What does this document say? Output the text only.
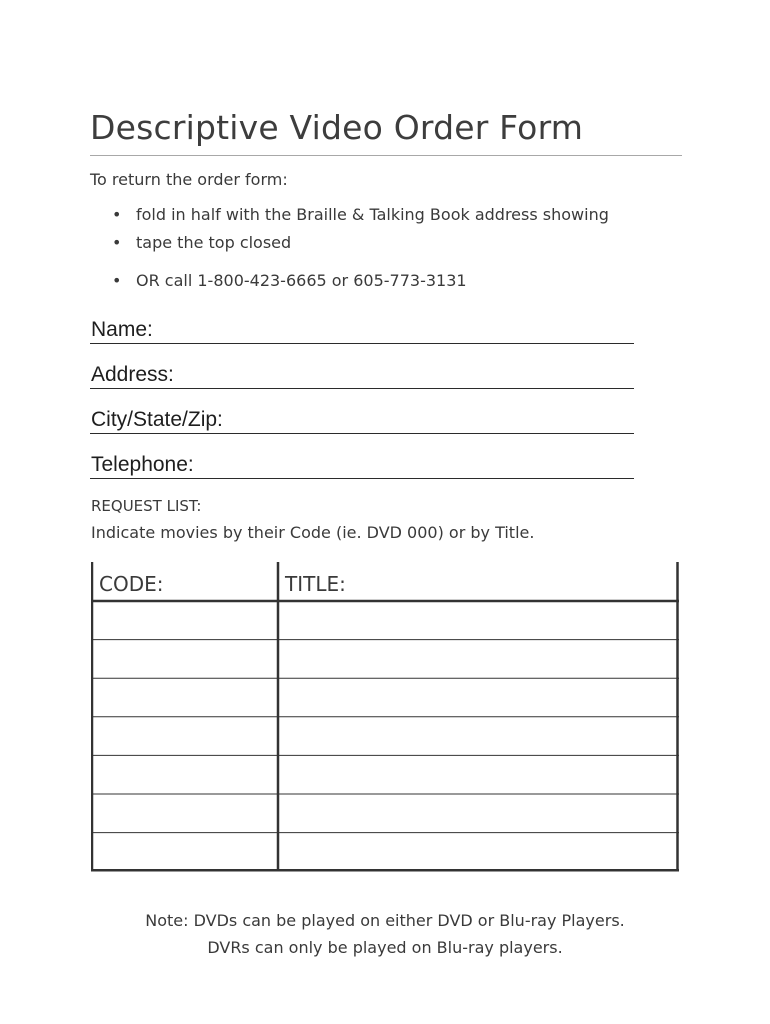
Descriptive Video Order Form
To return the order form:
• fold in half with the Braille & Talking Book address showing
• tape the top closed
• OR call 1-800-423-6665 or 605-773-3131
Name:
Address:
City/State/Zip:
Telephone:
REQUEST LIST:
Indicate movies by their Code (ie. DVD 000) or by Title.
CODE:	TITLE:
Note: DVDs can be played on either DVD or Blu-ray Players.
DVRs can only be played on Blu-ray players.
